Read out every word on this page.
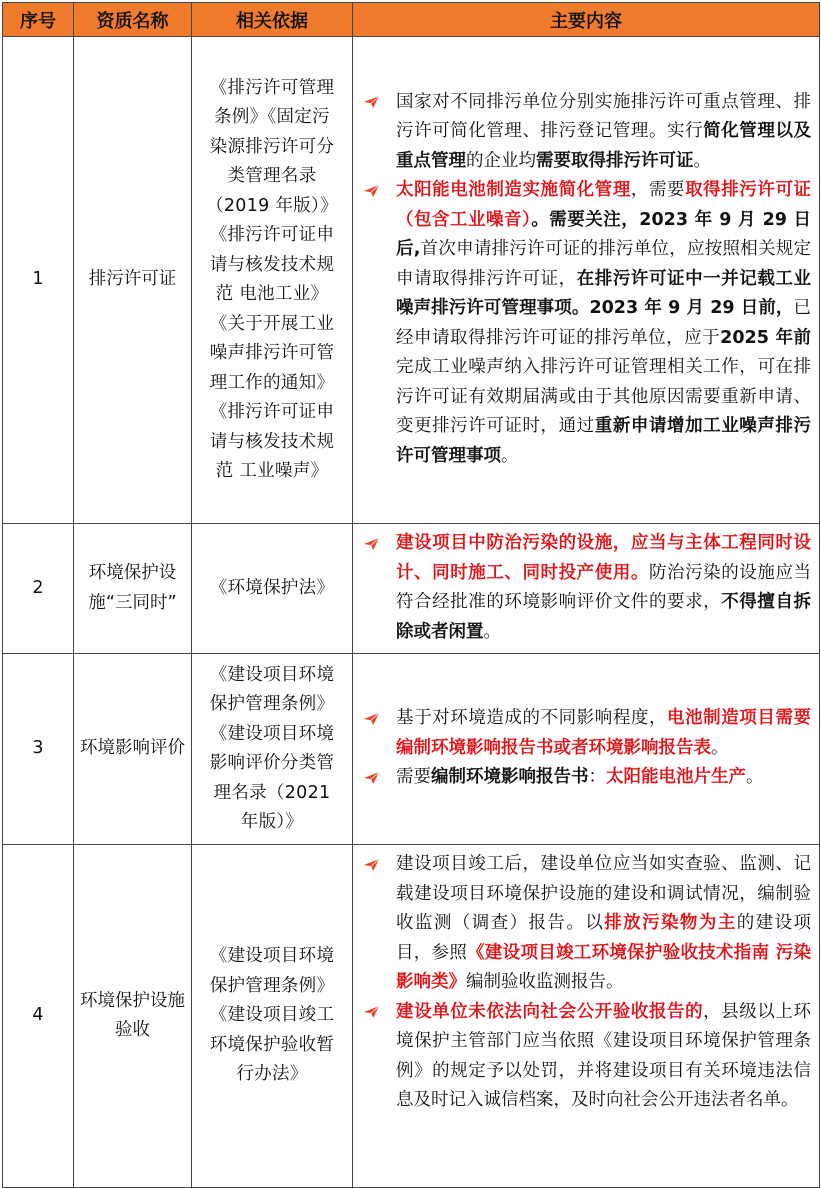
序号	资质名称	相关依据	主要内容
1	排污许可证	《排污许可管理条例》《固定污染源排污许可分类管理名录（2019 年版）》《排污许可证申请与核发技术规范 电池工业》《关于开展工业噪声排污许可管理工作的通知》《排污许可证申请与核发技术规范 工业噪声》	国家对不同排污单位分别实施排污许可重点管理、排污许可简化管理、排污登记管理。实行简化管理以及重点管理的企业均需要取得排污许可证。
太阳能电池制造实施简化管理，需要取得排污许可证（包含工业噪音）。需要关注，2023 年 9 月 29 日后,首次申请排污许可证的排污单位，应按照相关规定申请取得排污许可证，在排污许可证中一并记载工业噪声排污许可管理事项。2023 年 9 月 29 日前，已经申请取得排污许可证的排污单位，应于2025 年前完成工业噪声纳入排污许可证管理相关工作，可在排污许可证有效期届满或由于其他原因需要重新申请、变更排污许可证时，通过重新申请增加工业噪声排污许可管理事项。

2	环境保护设施“三同时”	《环境保护法》	建设项目中防治污染的设施，应当与主体工程同时设计、同时施工、同时投产使用。防治污染的设施应当符合经批准的环境影响评价文件的要求，不得擅自拆除或者闲置。

3	环境影响评价	《建设项目环境保护管理条例》《建设项目环境影响评价分类管理名录（2021 年版）》	基于对环境造成的不同影响程度，电池制造项目需要编制环境影响报告书或者环境影响报告表。
需要编制环境影响报告书：太阳能电池片生产。

4	环境保护设施验收	《建设项目环境保护管理条例》《建设项目竣工环境保护验收暂行办法》	建设项目竣工后，建设单位应当如实查验、监测、记载建设项目环境保护设施的建设和调试情况，编制验收监测（调查）报告。以排放污染物为主的建设项目，参照《建设项目竣工环境保护验收技术指南 污染影响类》编制验收监测报告。
建设单位未依法向社会公开验收报告的，县级以上环境保护主管部门应当依照《建设项目环境保护管理条例》的规定予以处罚，并将建设项目有关环境违法信息及时记入诚信档案，及时向社会公开违法者名单。
